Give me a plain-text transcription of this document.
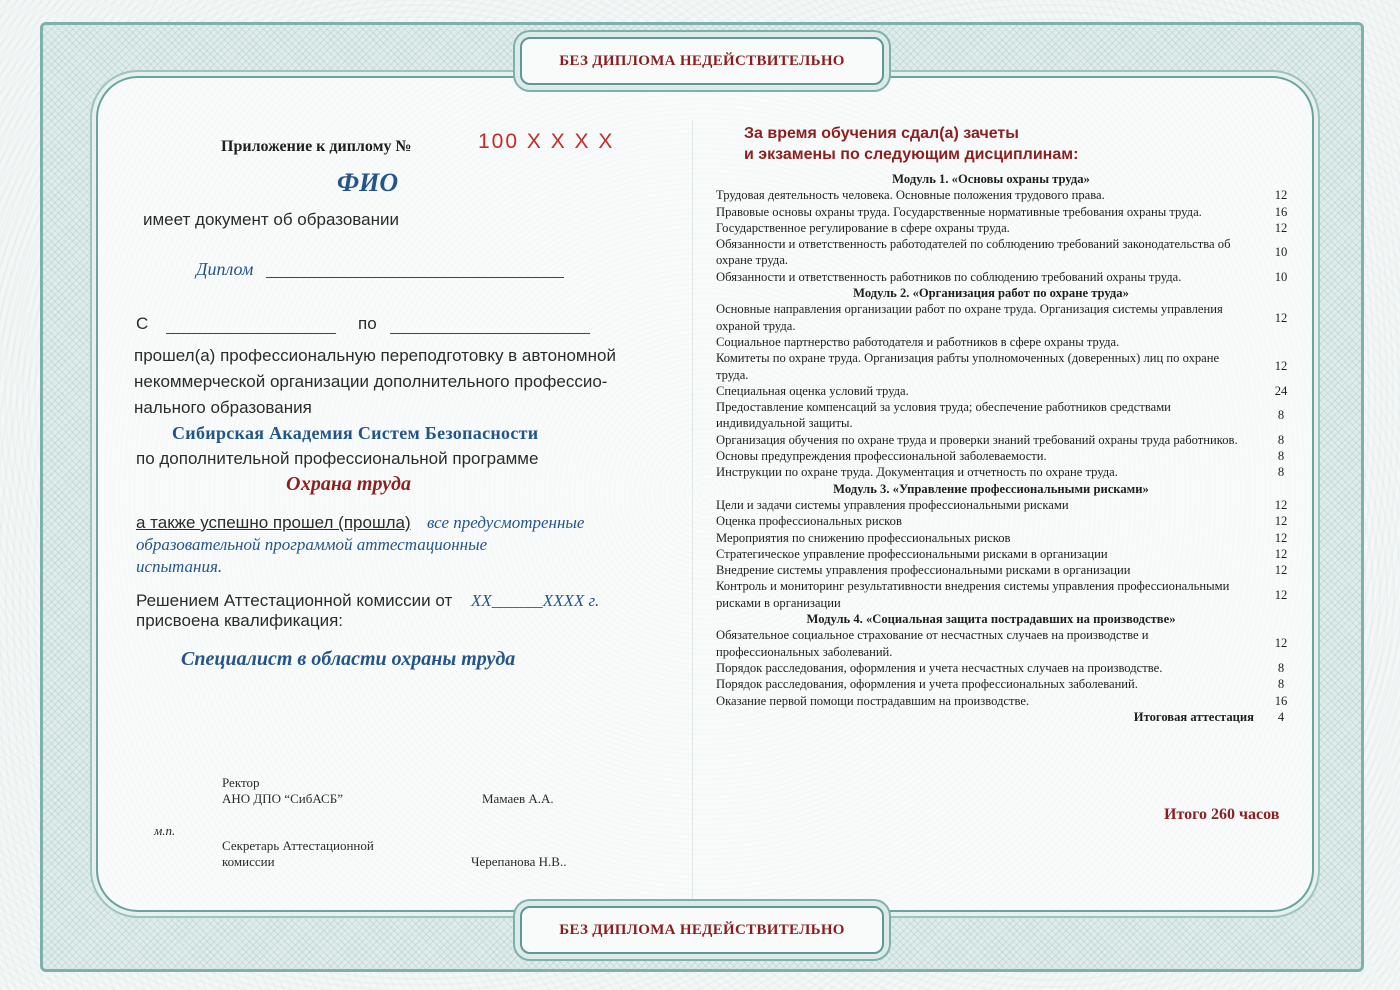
БЕЗ ДИПЛОМА НЕДЕЙСТВИТЕЛЬНО
БЕЗ ДИПЛОМА НЕДЕЙСТВИТЕЛЬНО
Приложение к диплому №	100 X X X X
ФИО
имеет документ об образовании
Диплом
С	по
прошел(а) профессиональную переподготовку в автономной
некоммерческой организации дополнительного профессио-
нального образования
Сибирская Академия Систем Безопасности
по дополнительной профессиональной программе
Охрана труда
а также успешно прошел (прошла) все предусмотренные
образовательной программой аттестационные
испытания.
Решением Аттестационной комиссии от XX______XXXX г.
присвоена квалификация:
Специалист в области охраны труда
Ректор
АНО ДПО “СибАСБ”	Мамаев А.А.
м.п.
Секретарь Аттестационной
комиссии	Черепанова Н.В..
За время обучения сдал(а) зачеты
и экзамены по следующим дисциплинам:
Модуль 1. «Основы охраны труда»
Трудовая деятельность человека. Основные положения трудового права.	12
Правовые основы охраны труда. Государственные нормативные требования охраны труда.	16
Государственное регулирование в сфере охраны труда.	12
Обязанности и ответственность работодателей по соблюдению требований законодательства об охране труда.
10
Обязанности и ответственность работников по соблюдению требований охраны труда.	10
Модуль 2. «Организация работ по охране труда»
Основные направления организации работ по охране труда. Организация системы управления охраной труда.
12
Социальное партнерство работодателя и работников в сфере охраны труда.
Комитеты по охране труда. Организация рабты уполномоченных (доверенных) лиц по охране труда.
12
Специальная оценка условий труда.	24
Предоставление компенсаций за условия труда; обеспечение работников средствами индивидуальной защиты.
8
Организация обучения по охране труда и проверки знаний требований охраны труда работников.	8
Основы предупреждения профессиональной заболеваемости.	8
Инструкции по охране труда. Документация и отчетность по охране труда.	8
Модуль 3. «Управление профессиональными рисками»
Цели и задачи системы управления профессиональными рисками	12
Оценка профессиональных рисков	12
Мероприятия по снижению профессиональных рисков	12
Стратегическое управление профессиональными рисками в организации	12
Внедрение системы управления профессиональными рисками в организации	12
Контроль и мониторинг результативности внедрения системы управления профессиональными рисками в организации
12
Модуль 4. «Социальная защита пострадавших на производстве»
Обязательное социальное страхование от несчастных случаев на производстве и профессиональных заболеваний.
12
Порядок расследования, оформления и учета несчастных случаев на производстве.	8
Порядок расследования, оформления и учета профессиональных заболеваний.	8
Оказание первой помощи пострадавшим на производстве.	16
Итоговая аттестация	4
Итого 260 часов
